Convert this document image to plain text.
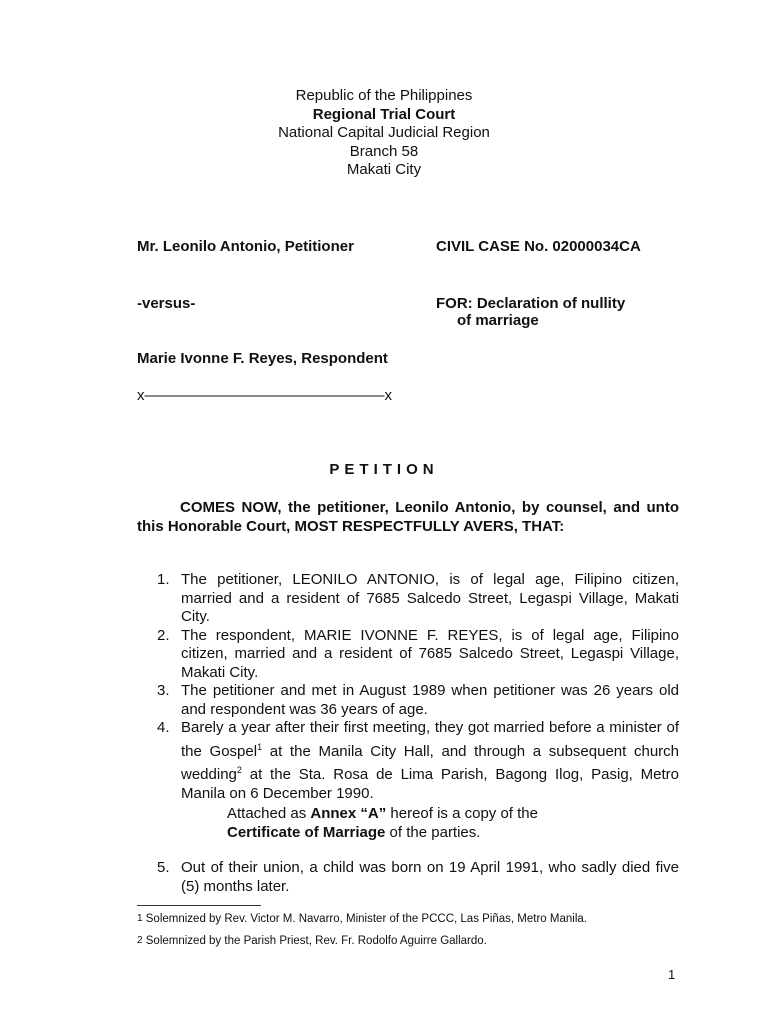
Republic of the Philippines
Regional Trial Court
National Capital Judicial Region
Branch 58
Makati City
Mr. Leonilo Antonio, Petitioner	CIVIL CASE No. 02000034CA
-versus-	FOR: Declaration of nullity
of marriage
Marie Ivonne F. Reyes, Respondent
x————————————————x
PETITION
COMES NOW, the petitioner, Leonilo Antonio, by counsel, and unto this Honorable Court, MOST RESPECTFULLY AVERS, THAT:
1. The petitioner, LEONILO ANTONIO, is of legal age, Filipino citizen, married and a resident of 7685 Salcedo Street, Legaspi Village, Makati City.
2. The respondent, MARIE IVONNE F. REYES, is of legal age, Filipino citizen, married and a resident of 7685 Salcedo Street, Legaspi Village, Makati City.
3. The petitioner and met in August 1989 when petitioner was 26 years old and respondent was 36 years of age.
4. Barely a year after their first meeting, they got married before a minister of the Gospel$^1$ at the Manila City Hall, and through a subsequent church wedding$^2$ at the Sta. Rosa de Lima Parish, Bagong Ilog, Pasig, Metro Manila on 6 December 1990.
Attached as Annex “A” hereof is a copy of the
Certificate of Marriage of the parties.
5. Out of their union, a child was born on 19 April 1991, who sadly died five (5) months later.
1 Solemnized by Rev. Victor M. Navarro, Minister of the PCCC, Las Piñas, Metro Manila.
2 Solemnized by the Parish Priest, Rev. Fr. Rodolfo Aguirre Gallardo.
1
